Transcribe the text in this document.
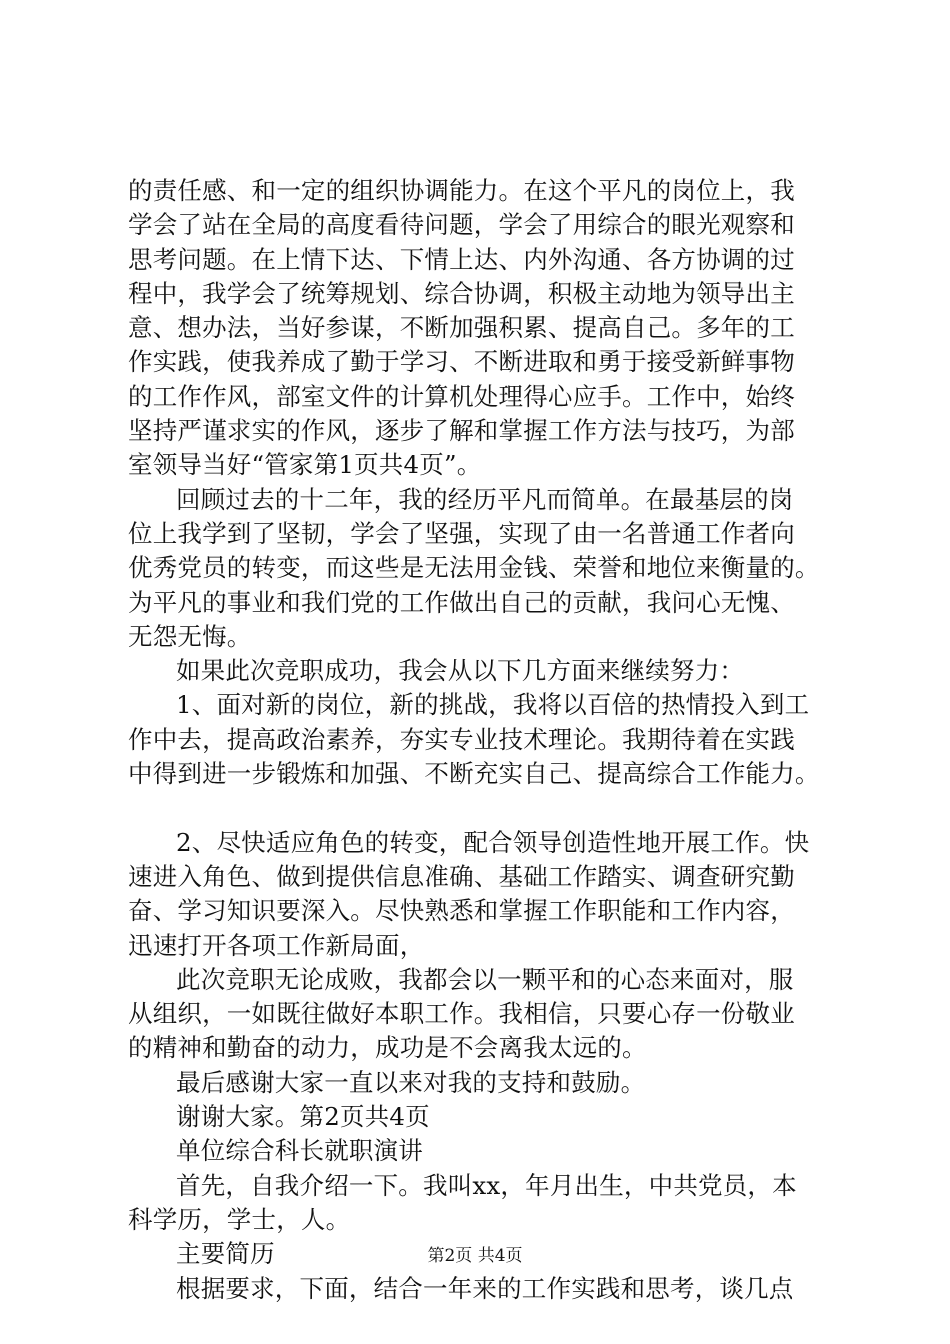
的责任感、和一定的组织协调能力。在这个平凡的岗位上，我
学会了站在全局的高度看待问题，学会了用综合的眼光观察和
思考问题。在上情下达、下情上达、内外沟通、各方协调的过
程中，我学会了统筹规划、综合协调，积极主动地为领导出主
意、想办法，当好参谋，不断加强积累、提高自己。多年的工
作实践，使我养成了勤于学习、不断进取和勇于接受新鲜事物
的工作作风，部室文件的计算机处理得心应手。工作中，始终
坚持严谨求实的作风，逐步了解和掌握工作方法与技巧，为部
室领导当好“管家第1页共4页”。
回顾过去的十二年，我的经历平凡而简单。在最基层的岗
位上我学到了坚韧，学会了坚强，实现了由一名普通工作者向
优秀党员的转变，而这些是无法用金钱、荣誉和地位来衡量的。
为平凡的事业和我们党的工作做出自己的贡献，我问心无愧、
无怨无悔。
如果此次竞职成功，我会从以下几方面来继续努力：
1、面对新的岗位，新的挑战，我将以百倍的热情投入到工
作中去，提高政治素养，夯实专业技术理论。我期待着在实践
中得到进一步锻炼和加强、不断充实自己、提高综合工作能力。
2、尽快适应角色的转变，配合领导创造性地开展工作。快
速进入角色、做到提供信息准确、基础工作踏实、调查研究勤
奋、学习知识要深入。尽快熟悉和掌握工作职能和工作内容，
迅速打开各项工作新局面，
此次竞职无论成败，我都会以一颗平和的心态来面对，服
从组织，一如既往做好本职工作。我相信，只要心存一份敬业
的精神和勤奋的动力，成功是不会离我太远的。
最后感谢大家一直以来对我的支持和鼓励。
谢谢大家。第2页共4页
单位综合科长就职演讲
首先，自我介绍一下。我叫xx，年月出生，中共党员，本
科学历，学士，人。
主要简历
根据要求，下面，结合一年来的工作实践和思考，谈几点
第2页 共4页
